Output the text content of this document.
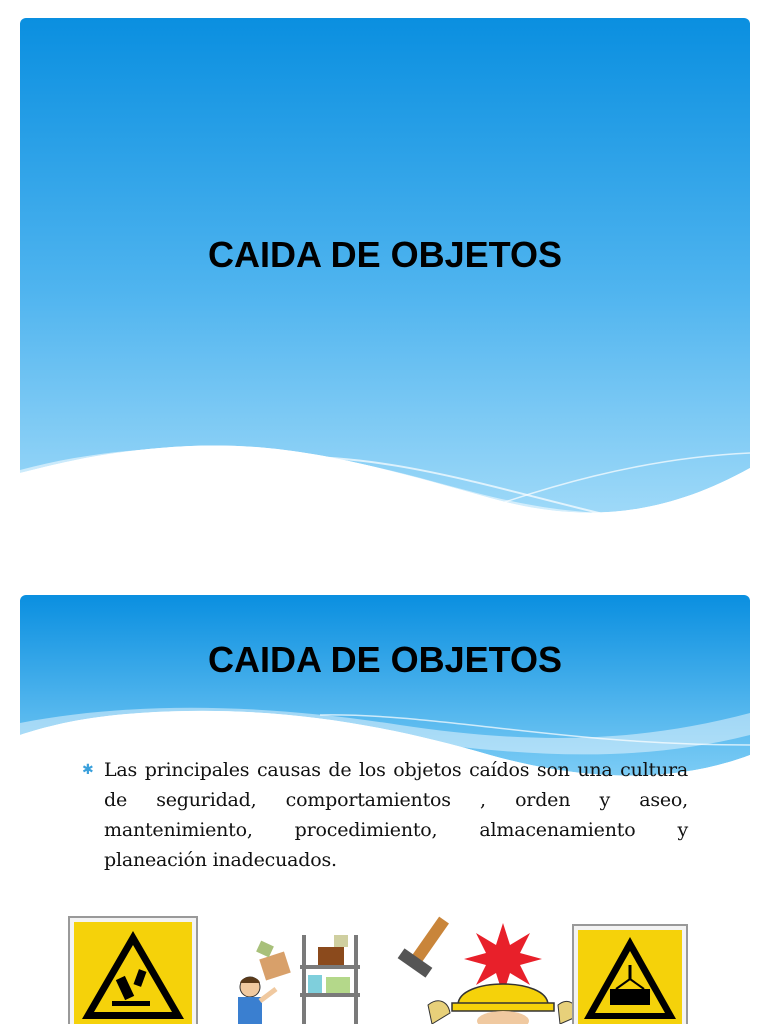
CAIDA DE OBJETOS
CAIDA DE OBJETOS
✱ Las principales causas de los objetos caídos son una cultura de seguridad, comportamientos , orden y aseo, mantenimiento, procedimiento, almacenamiento y planeación inadecuados.
